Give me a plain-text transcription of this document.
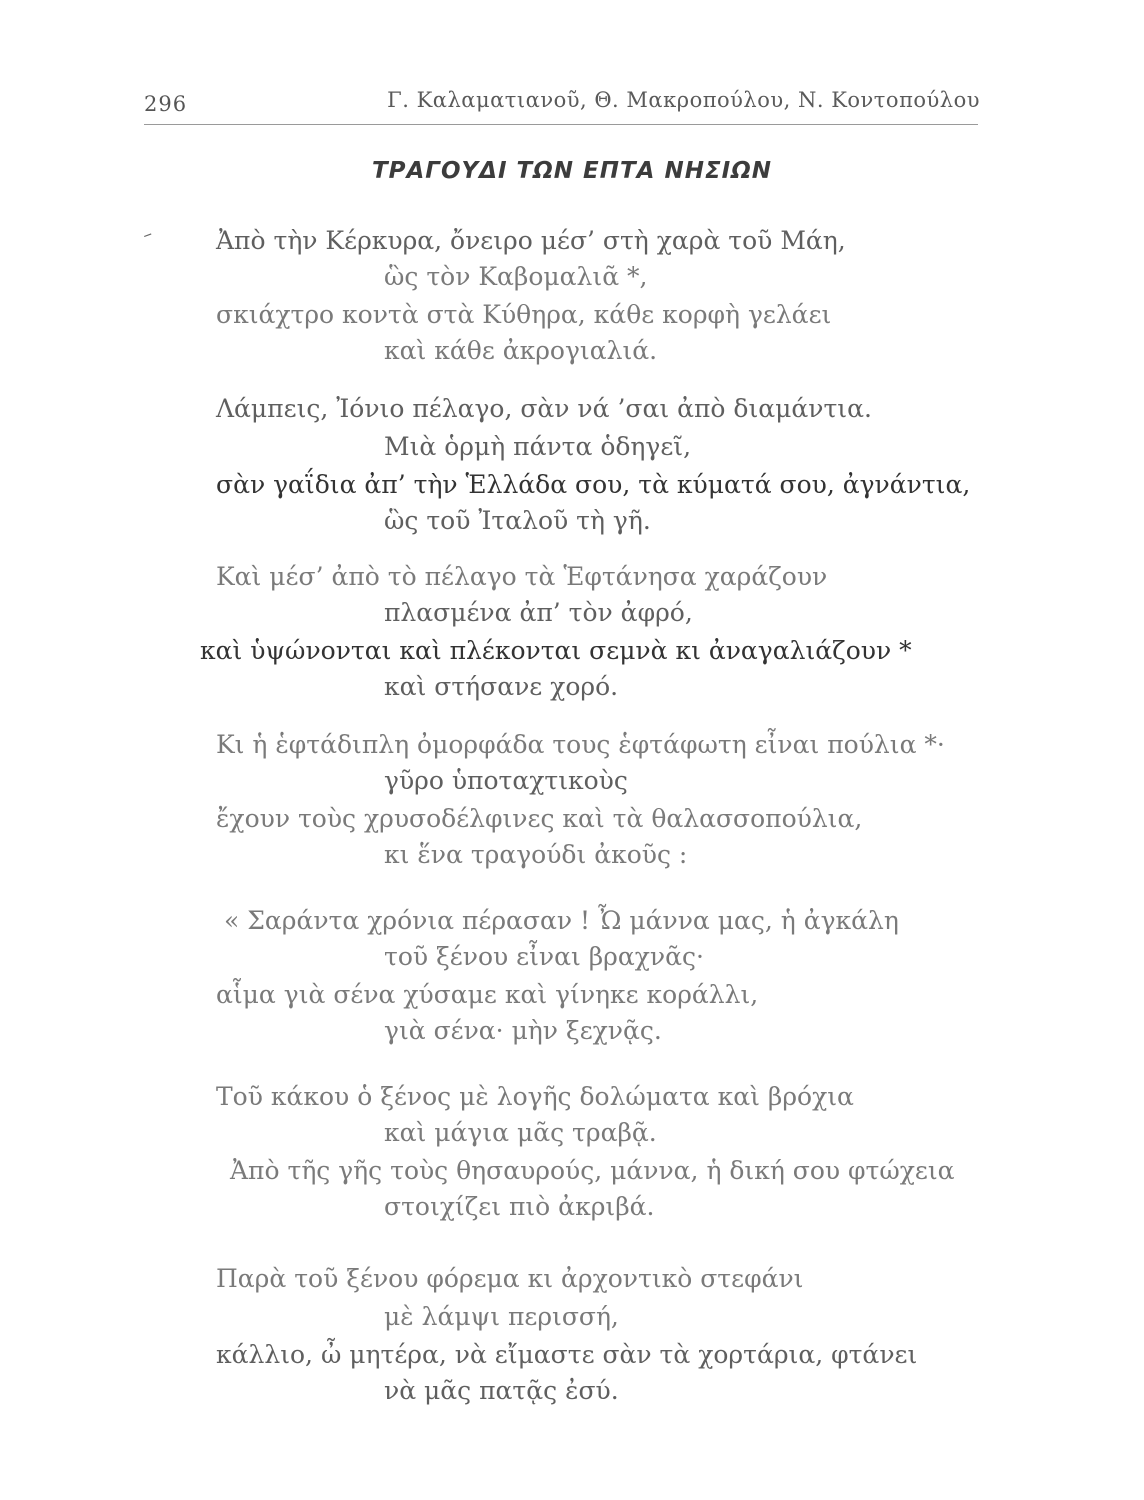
296	Γ. Καλαματιανοῦ, Θ. Μακροπούλου, Ν. Κοντοπούλου
ΤΡΑΓΟΥΔΙ ΤΩΝ ΕΠΤΑ ΝΗΣΙΩΝ
– Ἀπὸ τὴν Κέρκυρα, ὄνειρο μέσ’ στὴ χαρὰ τοῦ Μάη,
ὣς τὸν Καβομαλιᾶ *,
σκιάχτρο κοντὰ στὰ Κύθηρα, κάθε κορφὴ γελάει
καὶ κάθε ἀκρογιαλιά.
Λάμπεις, Ἰόνιο πέλαγο, σὰν νά ’σαι ἀπὸ διαμάντια.
Μιὰ ὁρμὴ πάντα ὁδηγεῖ,
σὰν γαΐδια ἀπ’ τὴν Ἑλλάδα σου, τὰ κύματά σου, ἀγνάντια,
ὣς τοῦ Ἰταλοῦ τὴ γῆ.
Καὶ μέσ’ ἀπὸ τὸ πέλαγο τὰ Ἑφτάνησα χαράζουν
πλασμένα ἀπ’ τὸν ἀφρό,
καὶ ὑψώνονται καὶ πλέκονται σεμνὰ κι ἀναγαλιάζουν *
καὶ στήσανε χορό.
Κι ἡ ἑφτάδιπλη ὀμορφάδα τους ἑφτάφωτη εἶναι πούλια *·
γῦρο ὑποταχτικοὺς
ἔχουν τοὺς χρυσοδέλφινες καὶ τὰ θαλασσοπούλια,
κι ἕνα τραγούδι ἀκοῦς :
« Σαράντα χρόνια πέρασαν ! Ὦ μάννα μας, ἡ ἀγκάλη
τοῦ ξένου εἶναι βραχνᾶς·
αἷμα γιὰ σένα χύσαμε καὶ γίνηκε κοράλλι,
γιὰ σένα· μὴν ξεχνᾷς.
Τοῦ κάκου ὁ ξένος μὲ λογῆς δολώματα καὶ βρόχια
καὶ μάγια μᾶς τραβᾷ.
Ἀπὸ τῆς γῆς τοὺς θησαυρούς, μάννα, ἡ δική σου φτώχεια
στοιχίζει πιὸ ἀκριβά.
Παρὰ τοῦ ξένου φόρεμα κι ἀρχοντικὸ στεφάνι
μὲ λάμψι περισσή,
κάλλιο, ὦ μητέρα, νὰ εἴμαστε σὰν τὰ χορτάρια, φτάνει
νὰ μᾶς πατᾷς ἐσύ.
